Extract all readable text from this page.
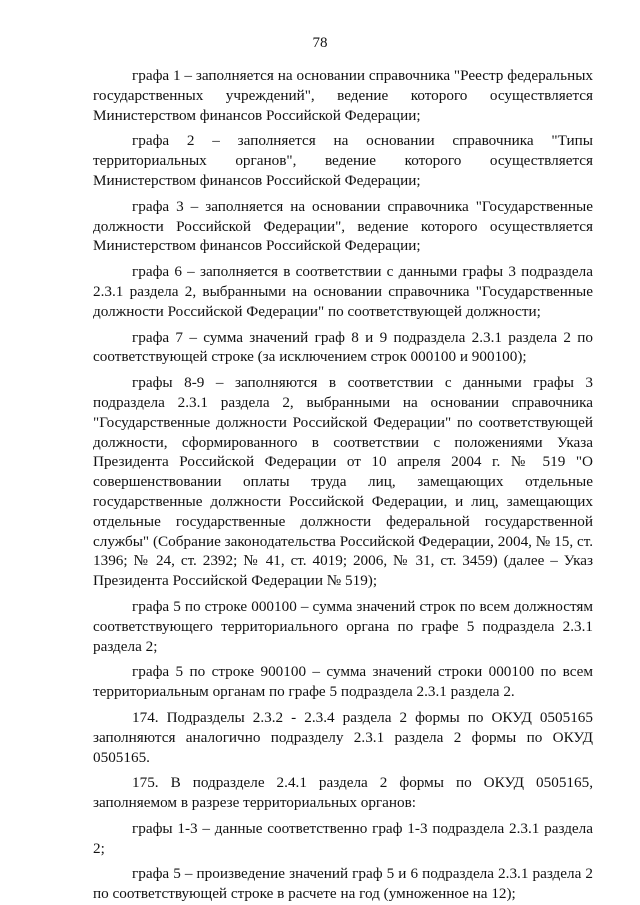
78

графа 1 – заполняется на основании справочника "Реестр федеральных государственных учреждений", ведение которого осуществляется Министерством финансов Российской Федерации;

графа 2 – заполняется на основании справочника "Типы территориальных органов", ведение которого осуществляется Министерством финансов Российской Федерации;

графа 3 – заполняется на основании справочника "Государственные должности Российской Федерации", ведение которого осуществляется Министерством финансов Российской Федерации;

графа 6 – заполняется в соответствии с данными графы 3 подраздела 2.3.1 раздела 2, выбранными на основании справочника "Государственные должности Российской Федерации" по соответствующей должности;

графа 7 – сумма значений граф 8 и 9 подраздела 2.3.1 раздела 2 по соответствующей строке (за исключением строк 000100 и 900100);

графы 8-9 – заполняются в соответствии с данными графы 3 подраздела 2.3.1 раздела 2, выбранными на основании справочника "Государственные должности Российской Федерации" по соответствующей должности, сформированного в соответствии с положениями Указа Президента Российской Федерации от 10 апреля 2004 г. № 519 "О совершенствовании оплаты труда лиц, замещающих отдельные государственные должности Российской Федерации, и лиц, замещающих отдельные государственные должности федеральной государственной службы" (Собрание законодательства Российской Федерации, 2004, № 15, ст. 1396; № 24, ст. 2392; № 41, ст. 4019; 2006, № 31, ст. 3459) (далее – Указ Президента Российской Федерации № 519);

графа 5 по строке 000100 – сумма значений строк по всем должностям соответствующего территориального органа по графе 5 подраздела 2.3.1 раздела 2;

графа 5 по строке 900100 – сумма значений строки 000100 по всем территориальным органам по графе 5 подраздела 2.3.1 раздела 2.

174. Подразделы 2.3.2 - 2.3.4 раздела 2 формы по ОКУД 0505165 заполняются аналогично подразделу 2.3.1 раздела 2 формы по ОКУД 0505165.

175. В подразделе 2.4.1 раздела 2 формы по ОКУД 0505165, заполняемом в разрезе территориальных органов:

графы 1-3 – данные соответственно граф 1-3 подраздела 2.3.1 раздела 2;

графа 5 – произведение значений граф 5 и 6 подраздела 2.3.1 раздела 2 по соответствующей строке в расчете на год (умноженное на 12);
